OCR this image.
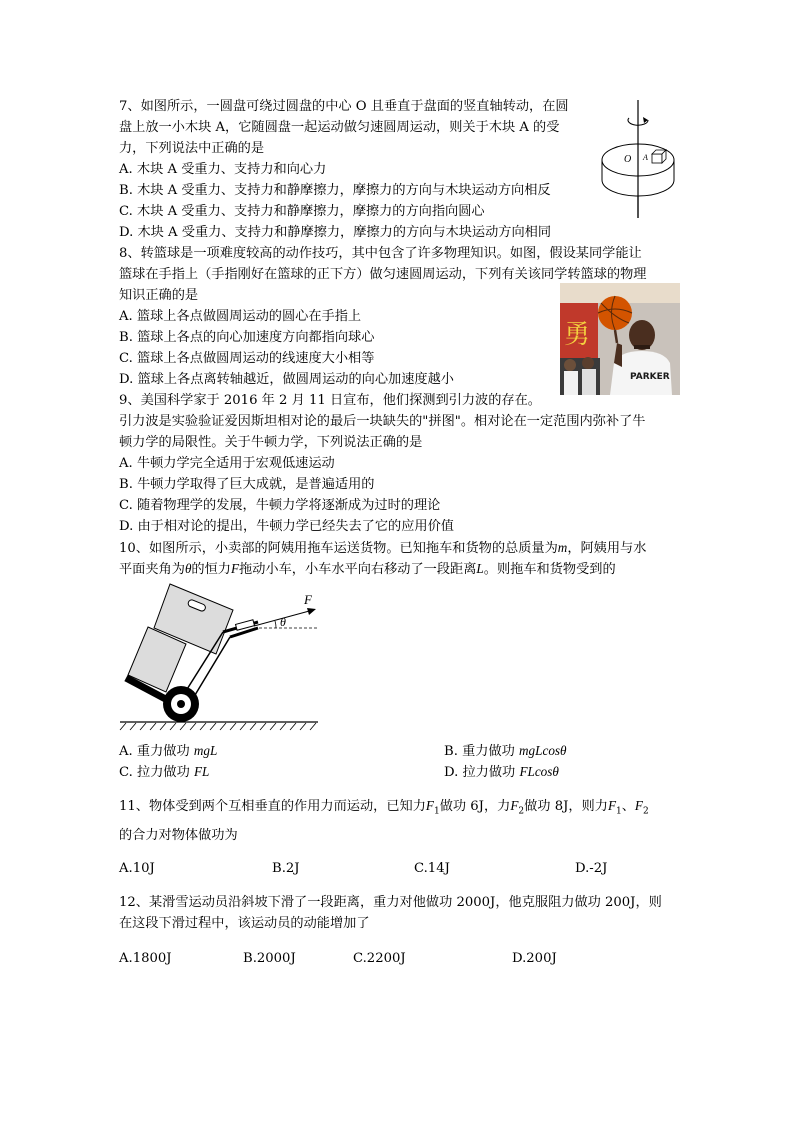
7、如图所示，一圆盘可绕过圆盘的中心 O 且垂直于盘面的竖直轴转动，在圆
盘上放一小木块 A，它随圆盘一起运动做匀速圆周运动，则关于木块 A 的受
力，下列说法中正确的是
A. 木块 A 受重力、支持力和向心力
B. 木块 A 受重力、支持力和静摩擦力，摩擦力的方向与木块运动方向相反
C. 木块 A 受重力、支持力和静摩擦力，摩擦力的方向指向圆心
D. 木块 A 受重力、支持力和静摩擦力，摩擦力的方向与木块运动方向相同
O A
8、转篮球是一项难度较高的动作技巧，其中包含了许多物理知识。如图，假设某同学能让
篮球在手指上（手指刚好在篮球的正下方）做匀速圆周运动，下列有关该同学转篮球的物理
知识正确的是
A. 篮球上各点做圆周运动的圆心在手指上
B. 篮球上各点的向心加速度方向都指向球心
C. 篮球上各点做圆周运动的线速度大小相等
D. 篮球上各点离转轴越近，做圆周运动的向心加速度越小
勇
PARKER
9、美国科学家于 2016 年 2 月 11 日宣布，他们探测到引力波的存在。
引力波是实验验证爱因斯坦相对论的最后一块缺失的"拼图"。相对论在一定范围内弥补了牛
顿力学的局限性。关于牛顿力学，下列说法正确的是
A. 牛顿力学完全适用于宏观低速运动
B. 牛顿力学取得了巨大成就，是普遍适用的
C. 随着物理学的发展，牛顿力学将逐渐成为过时的理论
D. 由于相对论的提出，牛顿力学已经失去了它的应用价值
10、如图所示，小卖部的阿姨用拖车运送货物。已知拖车和货物的总质量为m，阿姨用与水
平面夹角为θ的恒力F拖动小车，小车水平向右移动了一段距离L。则拖车和货物受到的
F
θ
A. 重力做功 mgL	B. 重力做功 mgLcosθ
C. 拉力做功 FL	D. 拉力做功 FLcosθ
11、物体受到两个互相垂直的作用力而运动，已知力$F_1$做功 6J，力$F_2$做功 8J，则力$F_1$、$F_2$
的合力对物体做功为
A.10J	B.2J	C.14J	D.-2J
12、某滑雪运动员沿斜坡下滑了一段距离，重力对他做功 2000J，他克服阻力做功 200J，则
在这段下滑过程中，该运动员的动能增加了
A.1800J	B.2000J	C.2200J	D.200J
